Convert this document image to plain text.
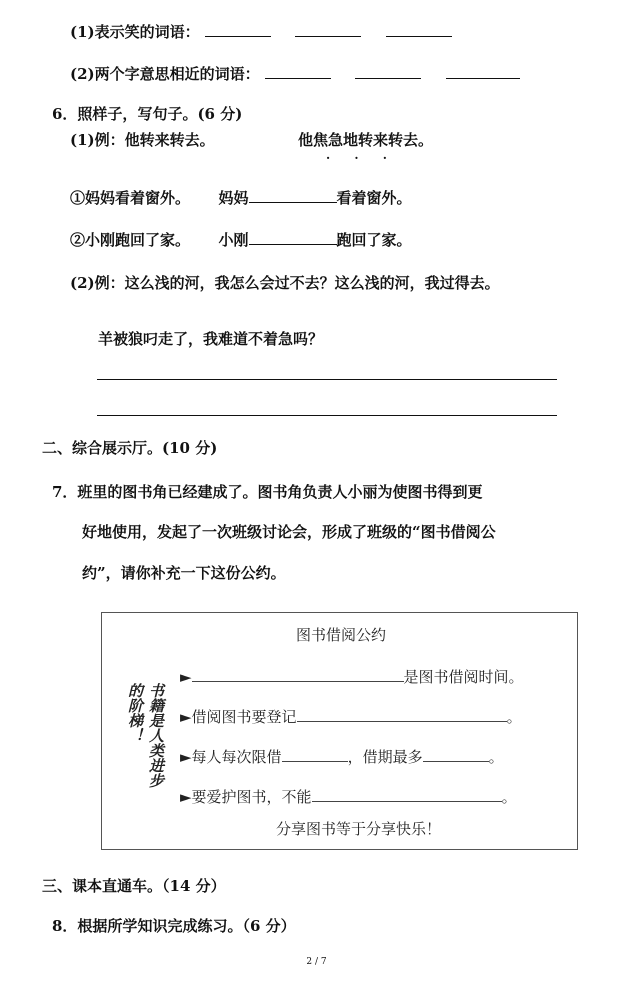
(1)表示笑的词语：
(2)两个字意思相近的词语：
6．照样子，写句子。(6 分)
(1)例：他转来转去。	他焦急地转来转去。
· · ·
①妈妈看着窗外。 妈妈	看着窗外。
②小刚跑回了家。 小刚	跑回了家。
(2)例：这么浅的河，我怎么会过不去？这么浅的河，我过得去。
羊被狼叼走了，我难道不着急吗？
二、综合展示厅。(10 分)
7．班里的图书角已经建成了。图书角负责人小丽为使图书得到更
好地使用，发起了一次班级讨论会，形成了班级的“图书借阅公
约”，请你补充一下这份公约。
图书借阅公约
书籍是人类进步的阶梯！
►	是图书借阅时间。
►借阅图书要登记	。
►每人每次限借	，借期最多	。
►要爱护图书，不能	。
分享图书等于分享快乐！
三、课本直通车。（14 分）
8．根据所学知识完成练习。（6 分）
2 / 7
